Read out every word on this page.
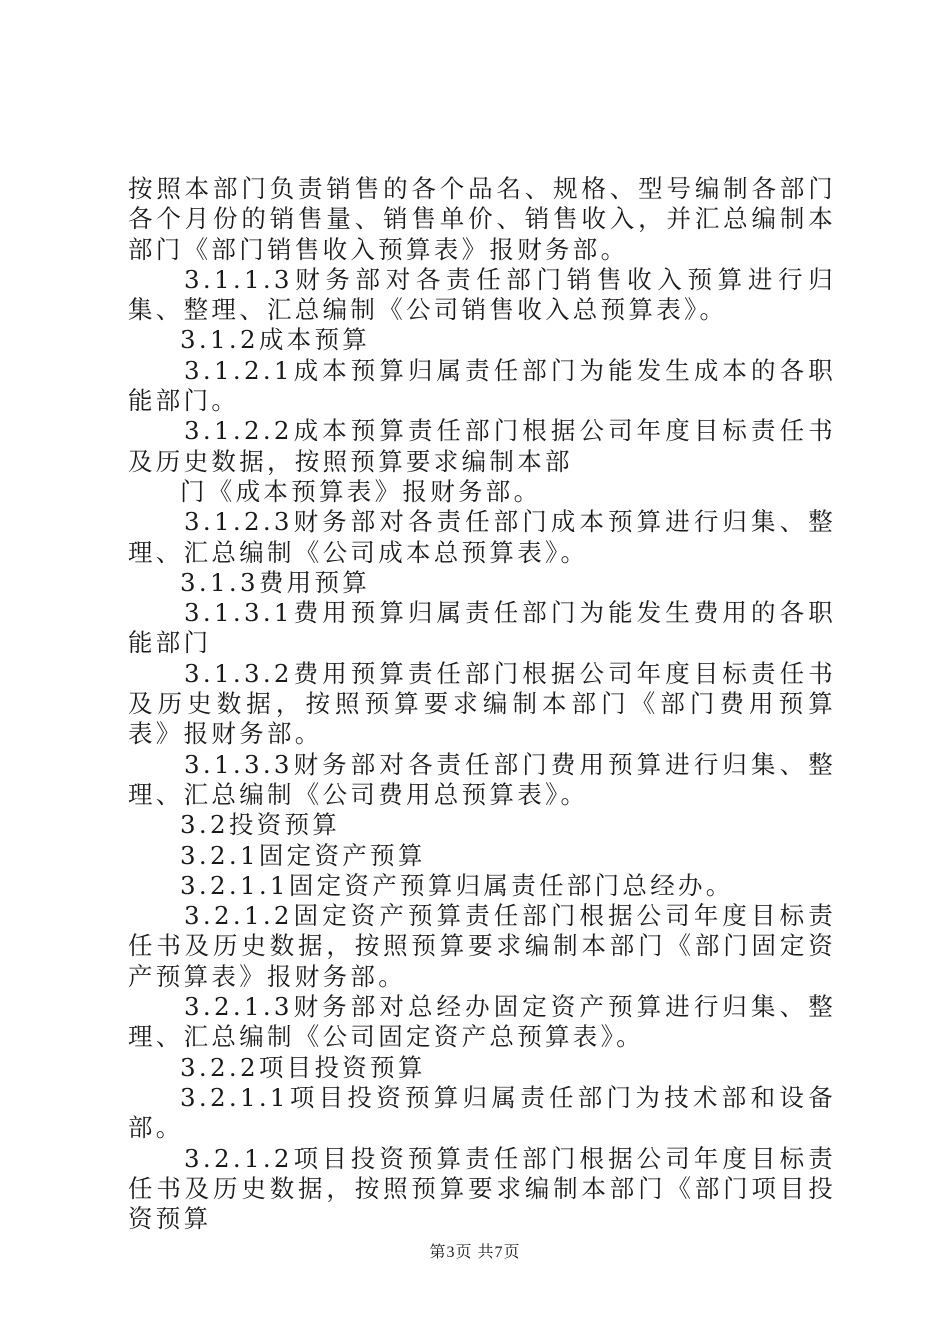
按照本部门负责销售的各个品名、规格、型号编制各部门各个月份的销售量、销售单价、销售收入，并汇总编制本部门《部门销售收入预算表》报财务部。

3.1.1.3财务部对各责任部门销售收入预算进行归集、整理、汇总编制《公司销售收入总预算表》。

3.1.2成本预算

3.1.2.1成本预算归属责任部门为能发生成本的各职能部门。

3.1.2.2成本预算责任部门根据公司年度目标责任书及历史数据，按照预算要求编制本部

门《成本预算表》报财务部。

3.1.2.3财务部对各责任部门成本预算进行归集、整理、汇总编制《公司成本总预算表》。

3.1.3费用预算

3.1.3.1费用预算归属责任部门为能发生费用的各职能部门

3.1.3.2费用预算责任部门根据公司年度目标责任书及历史数据，按照预算要求编制本部门《部门费用预算表》报财务部。

3.1.3.3财务部对各责任部门费用预算进行归集、整理、汇总编制《公司费用总预算表》。

3.2投资预算

3.2.1固定资产预算

3.2.1.1固定资产预算归属责任部门总经办。

3.2.1.2固定资产预算责任部门根据公司年度目标责任书及历史数据，按照预算要求编制本部门《部门固定资产预算表》报财务部。

3.2.1.3财务部对总经办固定资产预算进行归集、整理、汇总编制《公司固定资产总预算表》。

3.2.2项目投资预算

3.2.1.1项目投资预算归属责任部门为技术部和设备部。

3.2.1.2项目投资预算责任部门根据公司年度目标责任书及历史数据，按照预算要求编制本部门《部门项目投资预算

第3页 共7页
